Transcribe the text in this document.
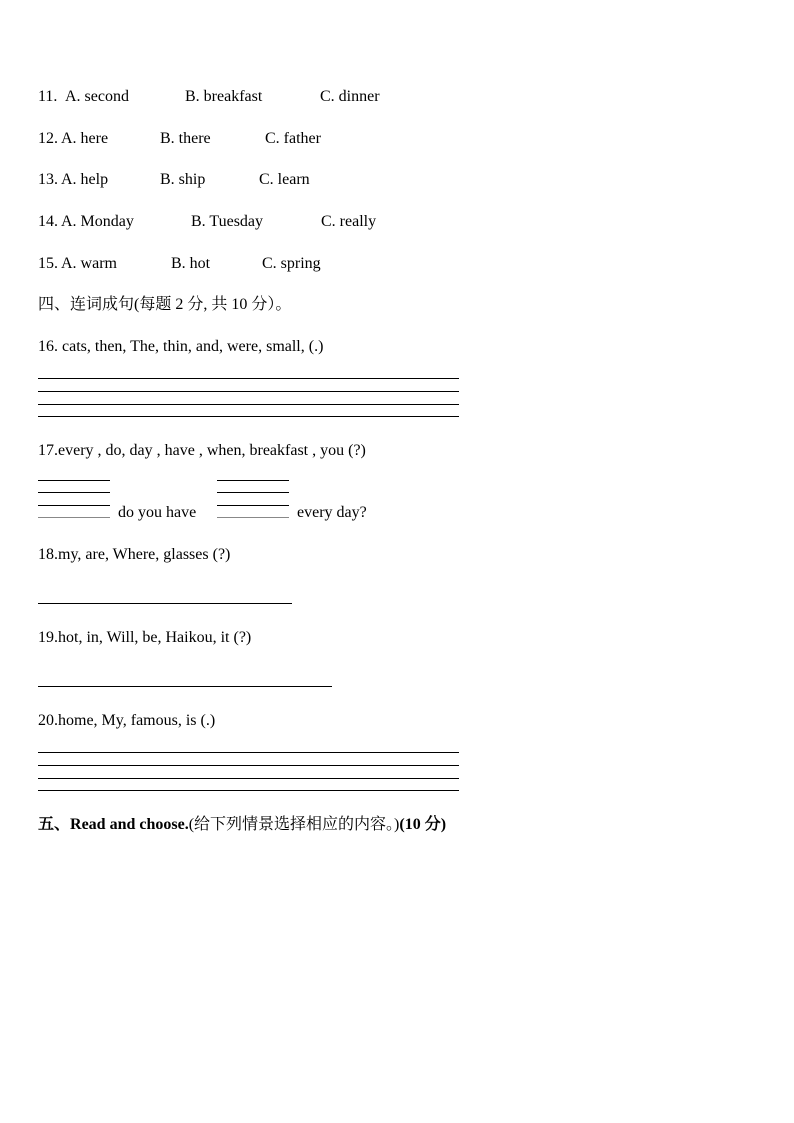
11. A. second	B. breakfast	C. dinner
12. A. here	B. there	C. father
13. A. help	B. ship	C. learn
14. A. Monday	B. Tuesday	C. really
15. A. warm	B. hot	C. spring
四、连词成句(每题 2 分, 共 10 分）。
16. cats, then, The, thin, and, were, small, (.)
17.every , do, day , have , when, breakfast , you (?)
do you have	every day?
18.my, are, Where, glasses (?)
19.hot, in, Will, be, Haikou, it (?)
20.home, My, famous, is (.)
五、Read and choose.(给下列情景选择相应的内容。)(10 分)
